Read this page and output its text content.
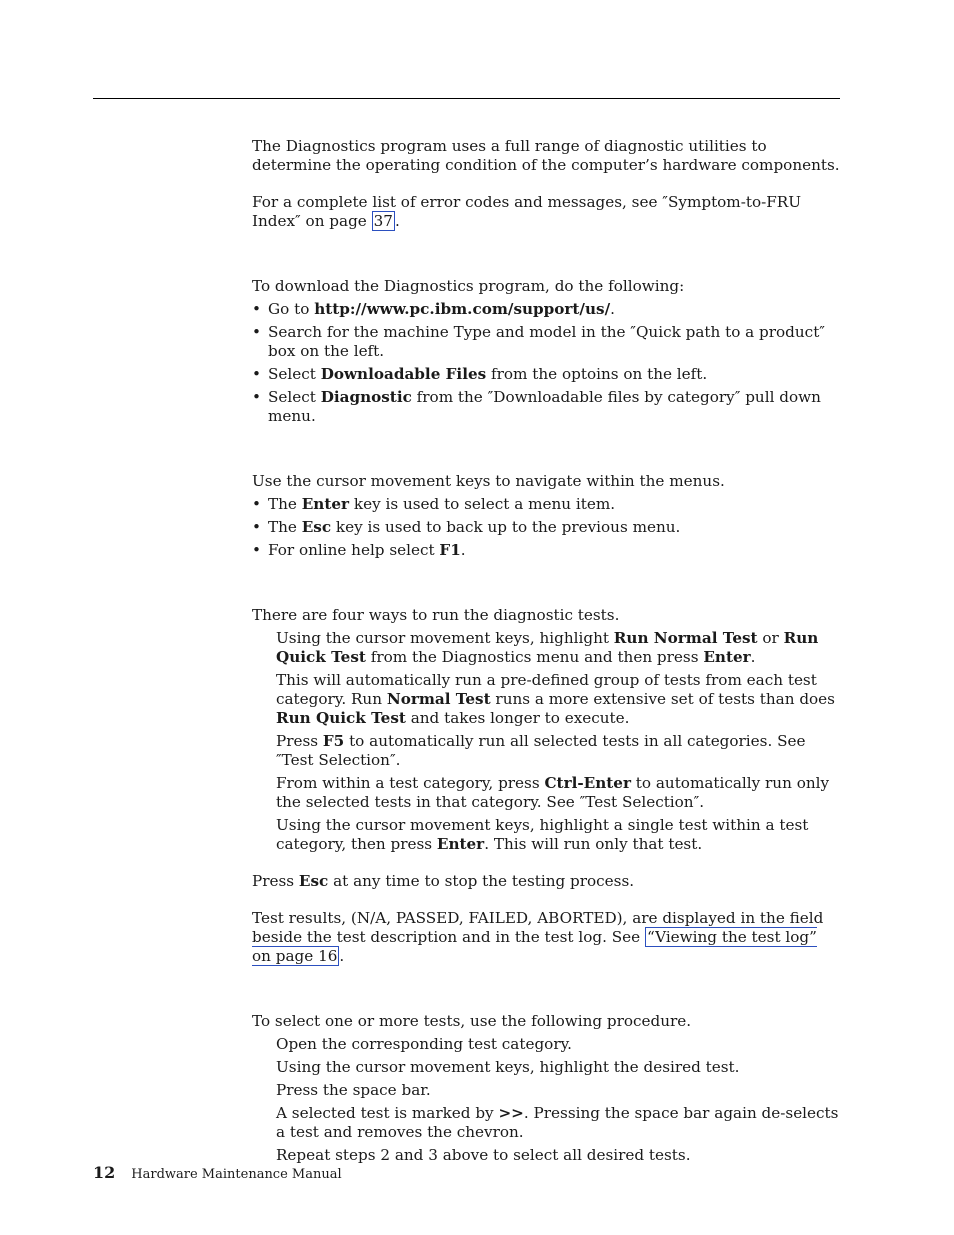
The Diagnostics program uses a full range of diagnostic utilities to determine the operating condition of the computer’s hardware components.

For a complete list of error codes and messages, see ″Symptom-to-FRU Index″ on page 37 .

To download the Diagnostics program, do the following:

• Go to http://www.pc.ibm.com/support/us/.
• Search for the machine Type and model in the ″Quick path to a product″ box on the left.
• Select Downloadable Files from the optoins on the left.
• Select Diagnostic from the ″Downloadable files by category″ pull down menu.

Use the cursor movement keys to navigate within the menus.

• The Enter key is used to select a menu item.
• The Esc key is used to back up to the previous menu.
• For online help select F1.

There are four ways to run the diagnostic tests.

Using the cursor movement keys, highlight Run Normal Test or Run Quick Test from the Diagnostics menu and then press Enter.
This will automatically run a pre-defined group of tests from each test category. Run Normal Test runs a more extensive set of tests than does Run Quick Test and takes longer to execute.
Press F5 to automatically run all selected tests in all categories. See ″Test Selection″.
From within a test category, press Ctrl-Enter to automatically run only the selected tests in that category. See ″Test Selection″.
Using the cursor movement keys, highlight a single test within a test category, then press Enter. This will run only that test.

Press Esc at any time to stop the testing process.

Test results, (N/A, PASSED, FAILED, ABORTED), are displayed in the field beside the test description and in the test log. See “Viewing the test log” on page 16 .

To select one or more tests, use the following procedure.

Open the corresponding test category.
Using the cursor movement keys, highlight the desired test.
Press the space bar.
A selected test is marked by >>. Pressing the space bar again de-selects a test and removes the chevron.
Repeat steps 2 and 3 above to select all desired tests.
12 Hardware Maintenance Manual
